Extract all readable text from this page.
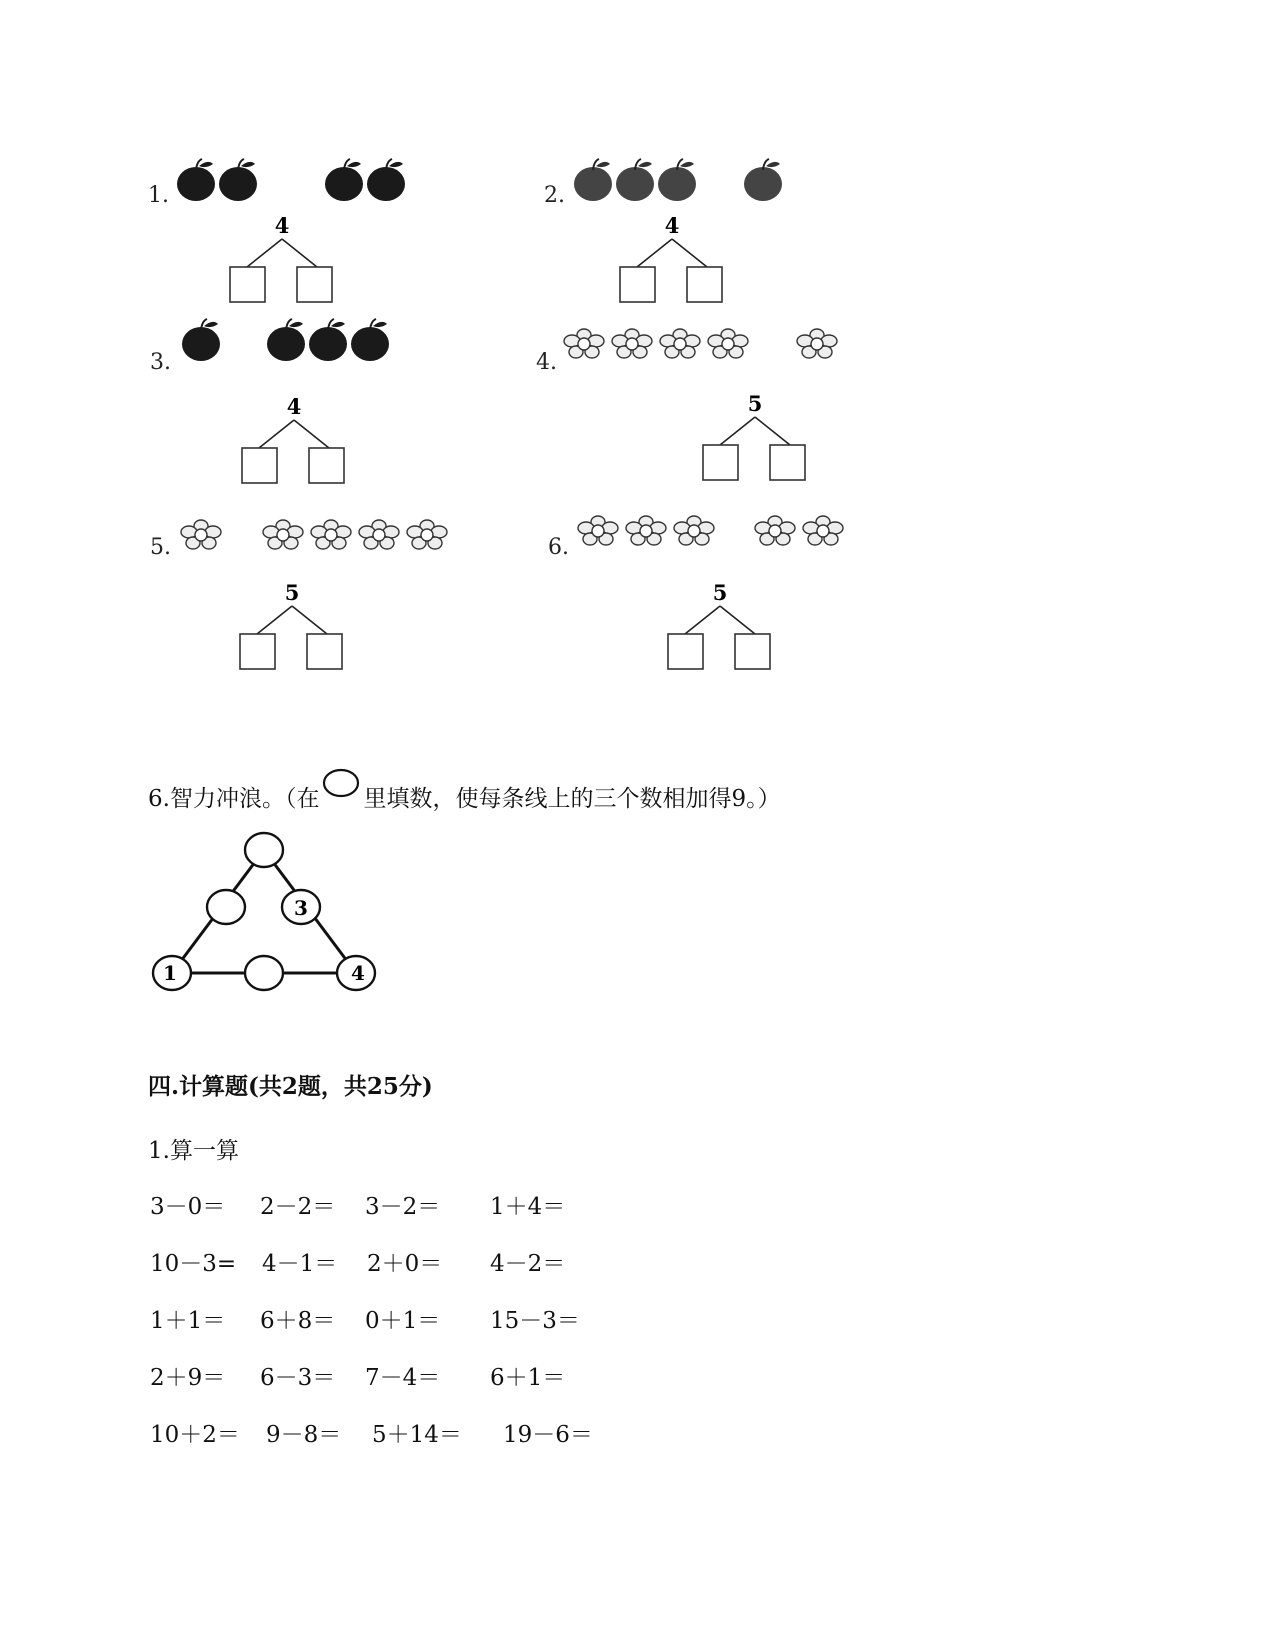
1.
4
2.
4
3.
4
4.
5
5.
5
6.
5
6.智力冲浪。（在 里填数，使每条线上的三个数相加得9。）
3
1	4
四.计算题(共2题，共25分)
1.算一算
3－0＝ 2－2＝ 3－2＝ 1＋4＝
10－3= 4－1＝ 2＋0＝ 4－2＝
1＋1＝ 6＋8＝ 0＋1＝ 15－3＝
2＋9＝ 6－3＝ 7－4＝ 6＋1＝
10＋2＝ 9－8＝ 5＋14＝ 19－6＝
